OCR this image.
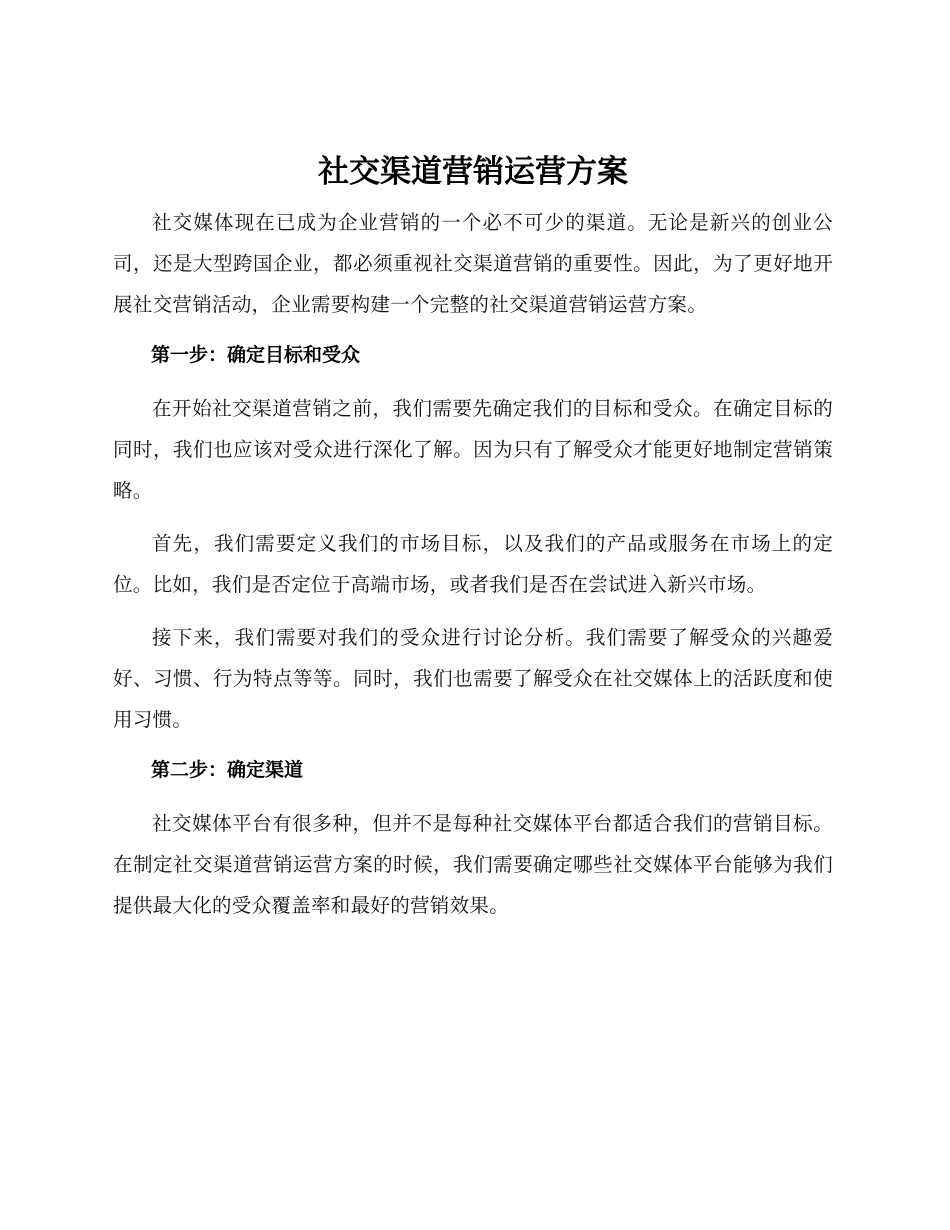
社交渠道营销运营方案

社交媒体现在已成为企业营销的一个必不可少的渠道。无论是新兴的创业公司，还是大型跨国企业，都必须重视社交渠道营销的重要性。因此，为了更好地开展社交营销活动，企业需要构建一个完整的社交渠道营销运营方案。

第一步：确定目标和受众

在开始社交渠道营销之前，我们需要先确定我们的目标和受众。在确定目标的同时，我们也应该对受众进行深化了解。因为只有了解受众才能更好地制定营销策略。

首先，我们需要定义我们的市场目标，以及我们的产品或服务在市场上的定位。比如，我们是否定位于高端市场，或者我们是否在尝试进入新兴市场。

接下来，我们需要对我们的受众进行讨论分析。我们需要了解受众的兴趣爱好、习惯、行为特点等等。同时，我们也需要了解受众在社交媒体上的活跃度和使用习惯。

第二步：确定渠道

社交媒体平台有很多种，但并不是每种社交媒体平台都适合我们的营销目标。在制定社交渠道营销运营方案的时候，我们需要确定哪些社交媒体平台能够为我们提供最大化的受众覆盖率和最好的营销效果。
